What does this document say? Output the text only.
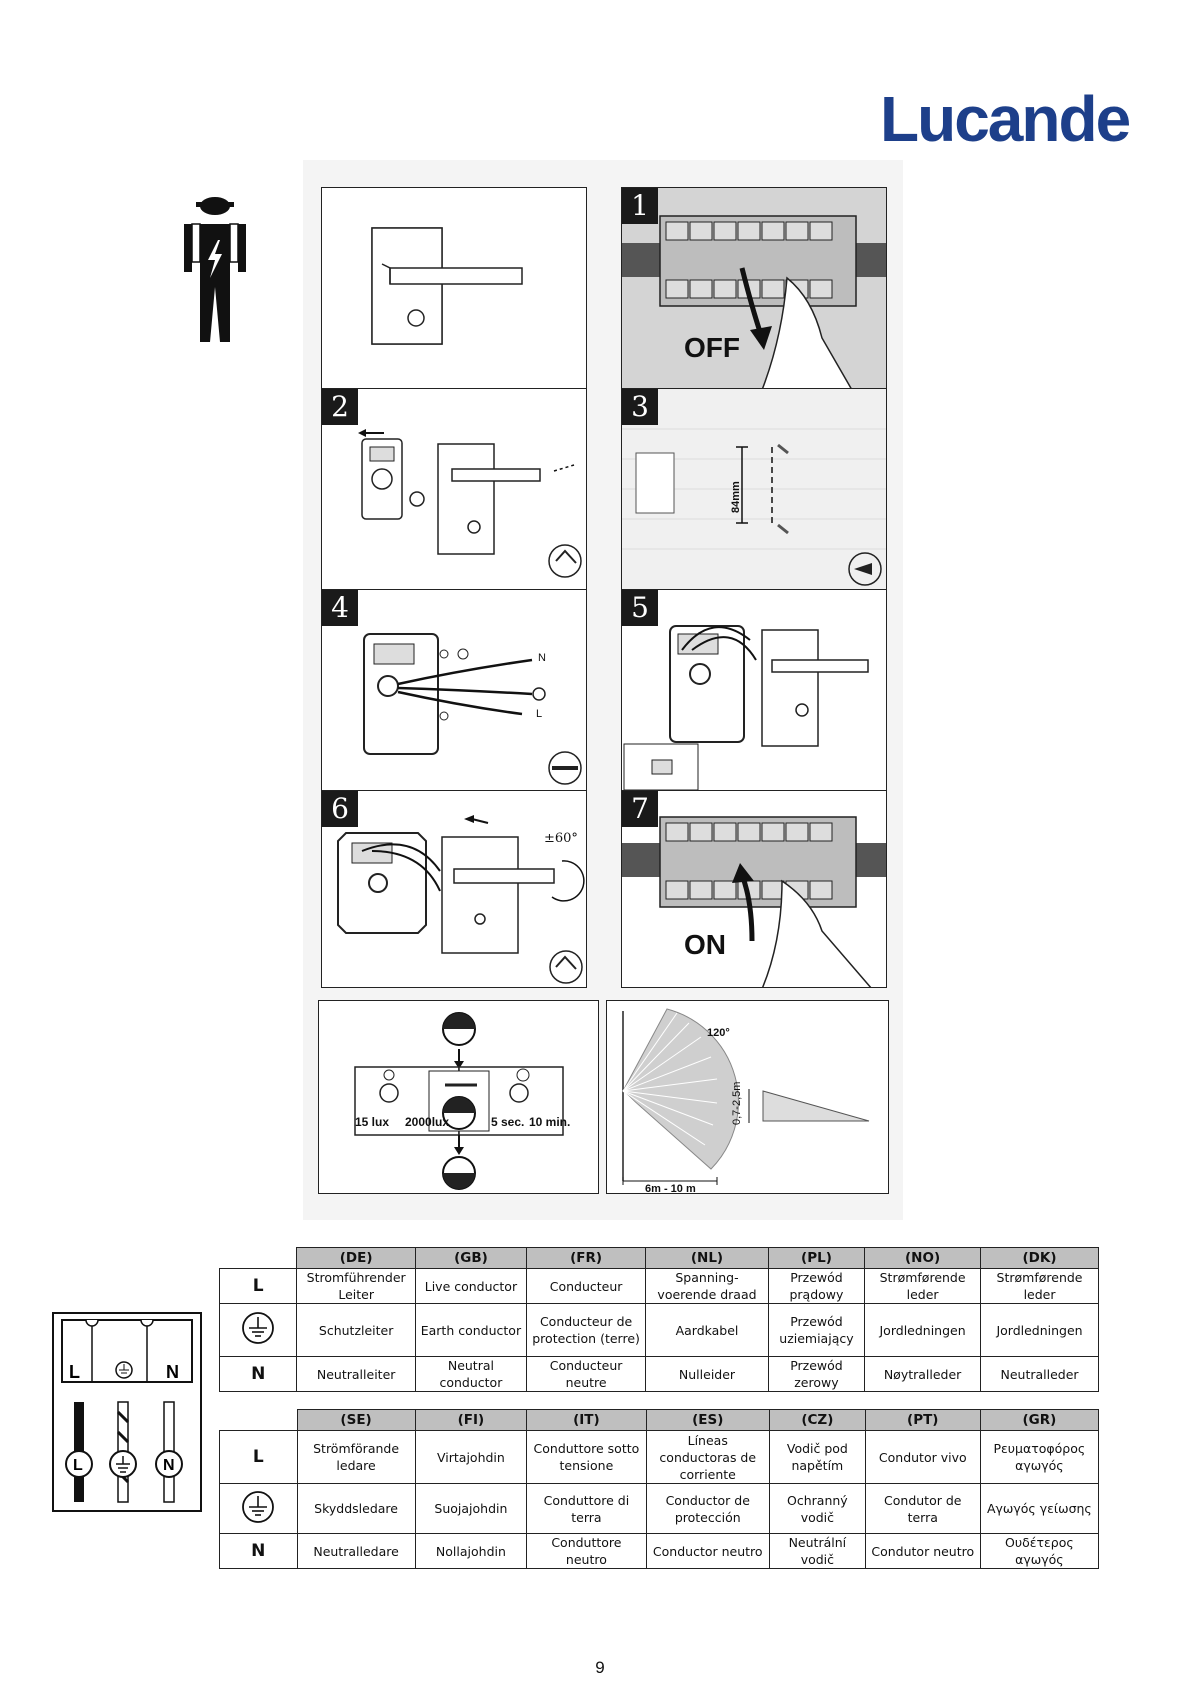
Lucande
1
OFF
2	3
84mm
4
N
L
5
6
±60°
7
ON
15 lux 2000lux	5 sec. 10 min.
120°
0,7-2,5m
6m - 10 m
L	N
L	N
	(DE)	(GB)	(FR)	(NL)	(PL)	(NO)	(DK)
L	Stromführender Leiter	Live conductor	Conducteur	Spanning-voerende draad	Przewód prądowy	Strømførende leder	Strømførende leder
	Schutzleiter	Earth conductor	Conducteur de protection (terre)	Aardkabel	Przewód uziemiający	Jordledningen	Jordledningen
N	Neutralleiter	Neutral conductor	Conducteur neutre	Nulleider	Przewód zerowy	Nøytralleder	Neutralleder
	(SE)	(FI)	(IT)	(ES)	(CZ)	(PT)	(GR)
L	Strömförande ledare	Virtajohdin	Conduttore sotto tensione	Líneas conductoras de corriente	Vodič pod napětím	Condutor vivo	Ρευματοφόρος αγωγός
	Skyddsledare	Suojajohdin	Conduttore di terra	Conductor de protección	Ochranný vodič	Condutor de terra	Αγωγός γείωσης
N	Neutralledare	Nollajohdin	Conduttore neutro	Conductor neutro	Neutrální vodič	Condutor neutro	Ουδέτερος αγωγός
9
